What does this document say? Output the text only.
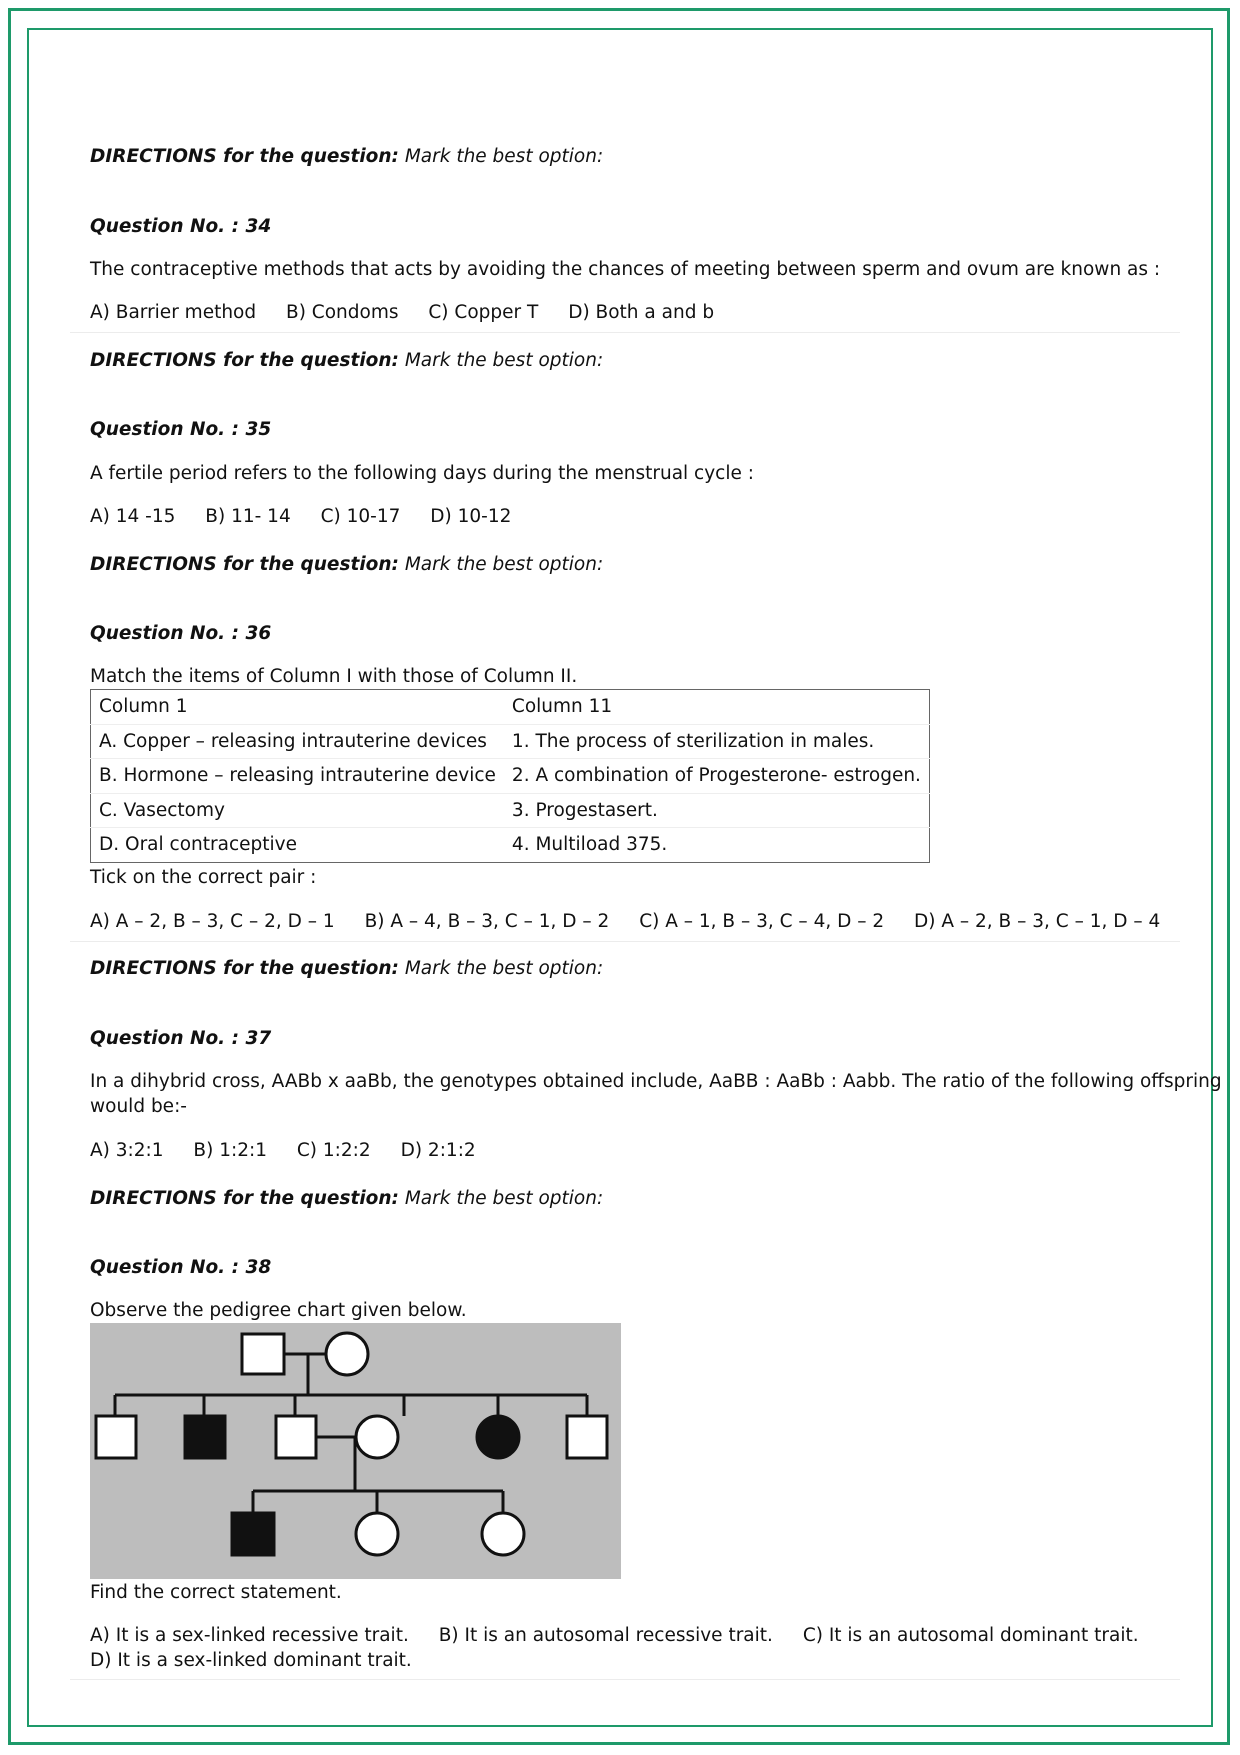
DIRECTIONS for the question: Mark the best option:
Question No. : 34
The contraceptive methods that acts by avoiding the chances of meeting between sperm and ovum are known as :
A) Barrier method B) Condoms C) Copper T D) Both a and b
DIRECTIONS for the question: Mark the best option:
Question No. : 35
A fertile period refers to the following days during the menstrual cycle :
A) 14 -15 B) 11- 14 C) 10-17 D) 10-12
DIRECTIONS for the question: Mark the best option:
Question No. : 36
Match the items of Column I with those of Column II.
Column 1	Column 11
A. Copper – releasing intrauterine devices	1. The process of sterilization in males.
B. Hormone – releasing intrauterine device	2. A combination of Progesterone- estrogen.
C. Vasectomy	3. Progestasert.
D. Oral contraceptive	4. Multiload 375.
Tick on the correct pair :
A) A – 2, B – 3, C – 2, D – 1 B) A – 4, B – 3, C – 1, D – 2 C) A – 1, B – 3, C – 4, D – 2 D) A – 2, B – 3, C – 1, D – 4
DIRECTIONS for the question: Mark the best option:
Question No. : 37
In a dihybrid cross, AABb x aaBb, the genotypes obtained include, AaBB : AaBb : Aabb. The ratio of the following offspring
would be:-
A) 3:2:1 B) 1:2:1 C) 1:2:2 D) 2:1:2
DIRECTIONS for the question: Mark the best option:
Question No. : 38
Observe the pedigree chart given below.
Find the correct statement.
A) It is a sex-linked recessive trait. B) It is an autosomal recessive trait. C) It is an autosomal dominant trait.
D) It is a sex-linked dominant trait.
